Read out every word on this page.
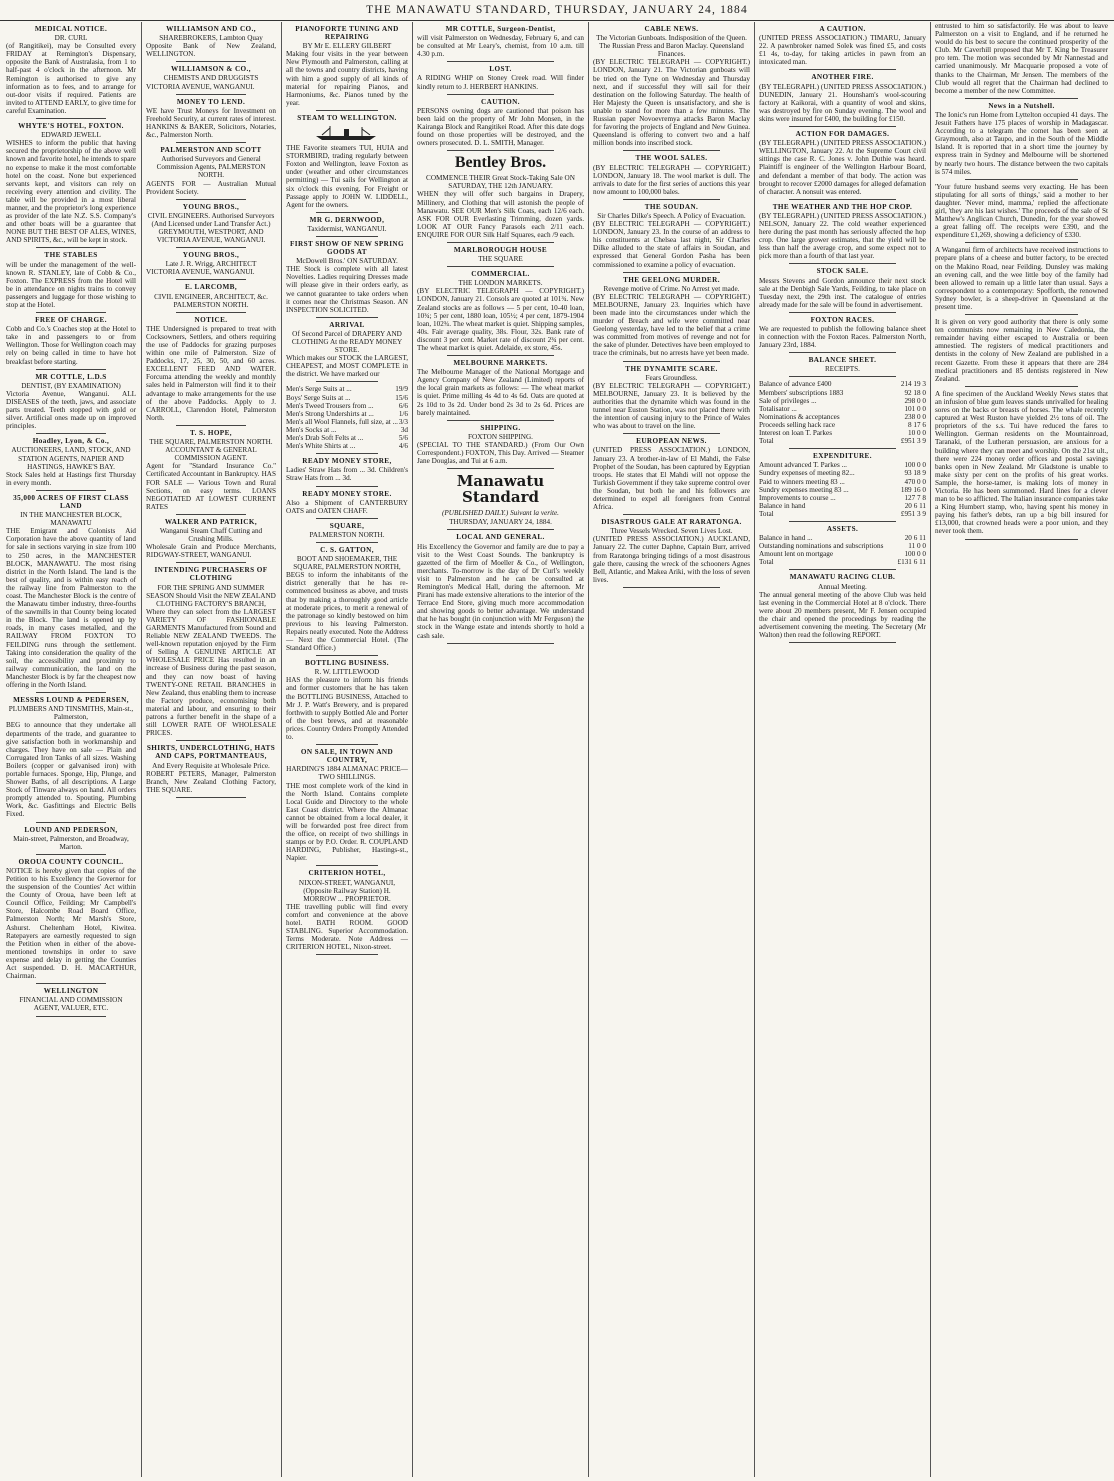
THE MANAWATU STANDARD, THURSDAY, JANUARY 24, 1884
MEDICAL NOTICE.
DR. CURL

(of Rangitikei), may be Consulted every FRIDAY at Remington's Dispensary, opposite the Bank of Australasia, from 1 to half-past 4 o'clock in the afternoon. Mr Remington is authorised to give any information as to fees, and to arrange for out-door visits if required. Patients are invited to ATTEND EARLY, to give time for careful Examination.

WHYTE'S HOTEL, FOXTON.
EDWARD JEWELL

WISHES to inform the public that having secured the proprietorship of the above well known and favorite hotel, he intends to spare no expense to make it the most comfortable hotel on the coast. None but experienced servants kept, and visitors can rely on receiving every attention and civility. The table will be provided in a most liberal manner, and the proprietor's long experience as provider of the late N.Z. S.S. Company's and other boats will be a guarantee that NONE BUT THE BEST OF ALES, WINES, AND SPIRITS, &c., will be kept in stock.

THE STABLES

will be under the management of the well-known R. STANLEY, late of Cobb & Co., Foxton. The EXPRESS from the Hotel will be in attendance on nights trains to convey passengers and luggage for those wishing to stop at the Hotel.

FREE OF CHARGE.

Cobb and Co.'s Coaches stop at the Hotel to take in and passengers to or from Wellington. Those for Wellington coach may rely on being called in time to have hot breakfast before starting.

MR COTTLE, L.D.S
DENTIST, (BY EXAMINATION)

Victoria Avenue, Wanganui. ALL DISEASES of the teeth, jaws, and associate parts treated. Teeth stopped with gold or silver. Artificial ones made up on improved principles.

Hoadley, Lyon, & Co.,
AUCTIONEERS, LAND, STOCK, AND STATION AGENTS, NAPIER AND HASTINGS, HAWKE'S BAY.

Stock Sales held at Hastings first Thursday in every month.

35,000 ACRES OF FIRST CLASS LAND
IN THE MANCHESTER BLOCK, MANAWATU

THE Emigrant and Colonists Aid Corporation have the above quantity of land for sale in sections varying in size from 100 to 250 acres, in the MANCHESTER BLOCK, MANAWATU. The most rising district in the North Island. The land is the best of quality, and is within easy reach of the railway line from Palmerston to the coast. The Manchester Block is the centre of the Manawatu timber industry, three-fourths of the sawmills in that County being located in the Block. The land is opened up by roads, in many cases metalled, and the RAILWAY FROM FOXTON TO FEILDING runs through the settlement. Taking into consideration the quality of the soil, the accessibility and proximity to railway communication, the land on the Manchester Block is by far the cheapest now offering in the North Island.

MESSRS LOUND & PEDERSEN,
PLUMBERS AND TINSMITHS, Main-st., Palmerston,

BEG to announce that they undertake all departments of the trade, and guarantee to give satisfaction both in workmanship and charges. They have on sale — Plain and Corrugated Iron Tanks of all sizes. Washing Boilers (copper or galvanised iron) with portable furnaces. Sponge, Hip, Plunge, and Shower Baths, of all descriptions. A Large Stock of Tinware always on hand. All orders promptly attended to. Spouting, Plumbing Work, &c. Gasfittings and Electric Bells Fixed.

LOUND AND PEDERSON,
Main-street, Palmerston, and Broadway, Marton.
OROUA COUNTY COUNCIL.

NOTICE is hereby given that copies of the Petition to his Excellency the Governor for the suspension of the Counties' Act within the County of Oroua, have been left at Council Office, Feilding; Mr Campbell's Store, Halcombe Road Board Office, Palmerston North; Mr Marsh's Store, Ashurst. Cheltenham Hotel, Kiwitea. Ratepayers are earnestly requested to sign the Petition when in either of the above-mentioned townships in order to save expense and delay in getting the Counties Act suspended. D. H. MACARTHUR, Chairman.

WELLINGTON
FINANCIAL AND COMMISSION AGENT, VALUER, ETC.
WILLIAMSON AND CO.,
SHAREBROKERS, Lambton Quay

Opposite Bank of New Zealand, WELLINGTON.

WILLIAMSON & CO.,
CHEMISTS AND DRUGGISTS

VICTORIA AVENUE, WANGANUI.

MONEY TO LEND.

WE have Trust Moneys for Investment on Freehold Security, at current rates of interest. HANKINS & BAKER, Solicitors, Notaries, &c., Palmerston North.

PALMERSTON AND SCOTT
Authorised Surveyors and General Commission Agents, PALMERSTON NORTH.

AGENTS FOR — Australian Mutual Provident Society.

YOUNG BROS.,
CIVIL ENGINEERS. Authorised Surveyors (And Licensed under Land Transfer Act.) GREYMOUTH, WESTPORT, AND VICTORIA AVENUE, WANGANUI.
YOUNG BROS.,
Late J. R. Wrigg, ARCHITECT

VICTORIA AVENUE, WANGANUI.

E. LARCOMB,
CIVIL ENGINEER, ARCHITECT, &c. PALMERSTON NORTH.
NOTICE.

THE Undersigned is prepared to treat with Cocksowners, Settlers, and others requiring the use of Paddocks for grazing purposes within one mile of Palmerston. Size of Paddocks, 17, 25, 30, 50, and 60 acres. EXCELLENT FEED AND WATER. Forcuma attending the weekly and monthly sales held in Palmerston will find it to their advantage to make arrangements for the use of the above Paddocks. Apply to J. CARROLL, Clarendon Hotel, Palmerston North.

T. S. HOPE,
THE SQUARE, PALMERSTON NORTH. ACCOUNTANT & GENERAL COMMISSION AGENT.

Agent for "Standard Insurance Co." Certificated Accountant in Bankruptcy. HAS FOR SALE — Various Town and Rural Sections, on easy terms. LOANS NEGOTIATED AT LOWEST CURRENT RATES

WALKER AND PATRICK,
Wanganui Steam Chaff Cutting and Crushing Mills.

Wholesale Grain and Produce Merchants, RIDGWAY-STREET, WANGANUI.

INTENDING PURCHASERS OF CLOTHING
FOR THE SPRING AND SUMMER SEASON Should Visit the NEW ZEALAND CLOTHING FACTORY'S BRANCH,

Where they can select from the LARGEST VARIETY OF FASHIONABLE GARMENTS Manufactured from Sound and Reliable NEW ZEALAND TWEEDS. The well-known reputation enjoyed by the Firm of Selling A GENUINE ARTICLE AT WHOLESALE PRICE Has resulted in an increase of Business during the past season, and they can now boast of having TWENTY-ONE RETAIL BRANCHES in New Zealand, thus enabling them to increase the Factory produce, economising both material and labour, and ensuring to their patrons a further benefit in the shape of a still LOWER RATE OF WHOLESALE PRICES.

SHIRTS, UNDERCLOTHING, HATS AND CAPS, PORTMANTEAUS,
And Every Requisite at Wholesale Price.

ROBERT PETERS, Manager, Palmerston Branch, New Zealand Clothing Factory, THE SQUARE.

PIANOFORTE TUNING AND REPAIRING
BY Mr E. ELLERY GILBERT

Making four visits in the year between New Plymouth and Palmerston, calling at all the towns and country districts, having with him a good supply of all kinds of material for repairing Pianos, and Harmoniums, &c. Pianos tuned by the year.

STEAM TO WELLINGTON.

THE Favorite steamers TUI, HUIA and STORMBIRD, trading regularly between Foxton and Wellington, leave Foxton as under (weather and other circumstances permitting) — Tui sails for Wellington at six o'clock this evening. For Freight or Passage apply to JOHN W. LIDDELL, Agent for the owners.

MR G. DERNWOOD,
Taxidermist, WANGANUI.
FIRST SHOW OF NEW SPRING GOODS AT
McDowell Bros.' ON SATURDAY.

THE Stock is complete with all latest Novelties. Ladies requiring Dresses made will please give in their orders early, as we cannot guarantee to take orders when it comes near the Christmas Season. AN INSPECTION SOLICITED.

ARRIVAL
Of Second Parcel of DRAPERY AND CLOTHING At the READY MONEY STORE.

Which makes our STOCK the LARGEST, CHEAPEST, and MOST COMPLETE in the district. We have marked our

Men's Serge Suits at ...	19/9
Boys' Serge Suits at ...	15/6
Men's Tweed Trousers from ...	6/6
Men's Strong Undershirts at ...	1/6
Men's all Wool Flannels, full size, at ... 3/3
Men's Socks at ...	3d
Men's Drab Soft Felts at ...	5/6
Men's White Shirts at ...	4/6
READY MONEY STORE,

Ladies' Straw Hats from ... 3d. Children's Straw Hats from ... 3d.

READY MONEY STORE.

Also a Shipment of CANTERBURY OATS and OATEN CHAFF.

SQUARE,
PALMERSTON NORTH.
C. S. GATTON,
BOOT AND SHOEMAKER, THE SQUARE, PALMERSTON NORTH,

BEGS to inform the inhabitants of the district generally that he has re-commenced business as above, and trusts that by making a thoroughly good article at moderate prices, to merit a renewal of the patronage so kindly bestowed on him previous to his leaving Palmerston. Repairs neatly executed. Note the Address — Next the Commercial Hotel. (The Standard Office.)

BOTTLING BUSINESS.
R. W. LITTLEWOOD

HAS the pleasure to inform his friends and former customers that he has taken the BOTTLING BUSINESS, Attached to Mr J. P. Watt's Brewery, and is prepared forthwith to supply Bottled Ale and Porter of the best brews, and at reasonable prices. Country Orders Promptly Attended to.

ON SALE, IN TOWN AND COUNTRY,
HARDING'S 1884 ALMANAC PRICE—TWO SHILLINGS.

THE most complete work of the kind in the North Island. Contains complete Local Guide and Directory to the whole East Coast district. Where the Almanac cannot be obtained from a local dealer, it will be forwarded post free direct from the office, on receipt of two shillings in stamps or by P.O. Order. R. COUPLAND HARDING, Publisher, Hastings-st., Napier.

CRITERION HOTEL,
NIXON-STREET, WANGANUI, (Opposite Railway Station) H. MORROW ... PROPRIETOR.

THE travelling public will find every comfort and convenience at the above hotel. BATH ROOM. GOOD STABLING. Superior Accommodation. Terms Moderate. Note Address — CRITERION HOTEL, Nixon-street.

MR COTTLE, Surgeon-Dentist,

will visit Palmerston on Wednesday, February 6, and can be consulted at Mr Leary's, chemist, from 10 a.m. till 4.30 p.m.

LOST.

A RIDING WHIP on Stoney Creek road. Will finder kindly return to J. HERBERT HANKINS.

CAUTION.

PERSONS owning dogs are cautioned that poison has been laid on the property of Mr John Monsen, in the Kairanga Block and Rangitikei Road. After this date dogs found on those properties will be destroyed, and the owners prosecuted. D. L. SMITH, Manager.

Bentley Bros.
COMMENCE THEIR Great Stock-Taking Sale ON SATURDAY, THE 12th JANUARY.

WHEN they will offer such bargains in Drapery, Millinery, and Clothing that will astonish the people of Manawatu. SEE OUR Men's Silk Coats, each 12/6 each. ASK FOR OUR Everlasting Trimming, dozen yards. LOOK AT OUR Fancy Parasols each 2/11 each. ENQUIRE FOR OUR Silk Half Squares, each /9 each.

MARLBOROUGH HOUSE
THE SQUARE
COMMERCIAL.
THE LONDON MARKETS.

(BY ELECTRIC TELEGRAPH — COPYRIGHT.) LONDON, January 21. Consols are quoted at 101¾. New Zealand stocks are as follows — 5 per cent, 10-40 loan, 10¾; 5 per cent, 1880 loan, 105½; 4 per cent, 1879-1904 loan, 102¾. The wheat market is quiet. Shipping samples, 40s. Fair average quality, 38s. Flour, 32s. Bank rate of discount 3 per cent. Market rate of discount 2¾ per cent. The wheat market is quiet. Adelaide, ex store, 45s.

MELBOURNE MARKETS.

The Melbourne Manager of the National Mortgage and Agency Company of New Zealand (Limited) reports of the local grain markets as follows: — The wheat market is quiet. Prime milling 4s 4d to 4s 6d. Oats are quoted at 2s 10d to 3s 2d. Under bond 2s 3d to 2s 6d. Prices are barely maintained.

SHIPPING.
FOXTON SHIPPING.

(SPECIAL TO THE STANDARD.) (From Our Own Correspondent.) FOXTON, This Day. Arrived — Steamer Jane Douglas, and Tui at 6 a.m.

Manawatu Standard
(PUBLISHED DAILY.) Suivant la verite.
THURSDAY, JANUARY 24, 1884.
LOCAL AND GENERAL.

His Excellency the Governor and family are due to pay a visit to the West Coast Sounds. The bankruptcy is gazetted of the firm of Moeller & Co., of Wellington, merchants. To-morrow is the day of Dr Curl's weekly visit to Palmerston and he can be consulted at Remington's Medical Hall, during the afternoon. Mr Pirani has made extensive alterations to the interior of the Terrace End Store, giving much more accommodation and showing goods to better advantage. We understand that he has bought (in conjunction with Mr Ferguson) the stock in the Wange estate and intends shortly to hold a cash sale.

CABLE NEWS.
The Victorian Gunboats. Indisposition of the Queen. The Russian Press and Baron Maclay. Queensland Finances.

(BY ELECTRIC TELEGRAPH — COPYRIGHT.) LONDON, January 21. The Victorian gunboats will be tried on the Tyne on Wednesday and Thursday next, and if successful they will sail for their destination on the following Saturday. The health of Her Majesty the Queen is unsatisfactory, and she is unable to stand for more than a few minutes. The Russian paper Novoevremya attacks Baron Maclay for favoring the projects of England and New Guinea. Queensland is offering to convert two and a half million bonds into inscribed stock.

THE WOOL SALES.

(BY ELECTRIC TELEGRAPH — COPYRIGHT.) LONDON, January 18. The wool market is dull. The arrivals to date for the first series of auctions this year now amount to 100,000 bales.

THE SOUDAN.
Sir Charles Dilke's Speech. A Policy of Evacuation.

(BY ELECTRIC TELEGRAPH — COPYRIGHT.) LONDON, January 23. In the course of an address to his constituents at Chelsea last night, Sir Charles Dilke alluded to the state of affairs in Soudan, and expressed that General Gordon Pasha has been commissioned to examine a policy of evacuation.

THE GEELONG MURDER.
Revenge motive of Crime. No Arrest yet made.

(BY ELECTRIC TELEGRAPH — COPYRIGHT.) MELBOURNE, January 23. Inquiries which have been made into the circumstances under which the murder of Breach and wife were committed near Geelong yesterday, have led to the belief that a crime was committed from motives of revenge and not for the sake of plunder. Detectives have been employed to trace the criminals, but no arrests have yet been made.

THE DYNAMITE SCARE.
Fears Groundless.

(BY ELECTRIC TELEGRAPH — COPYRIGHT.) MELBOURNE, January 23. It is believed by the authorities that the dynamite which was found in the tunnel near Euston Station, was not placed there with the intention of causing injury to the Prince of Wales who was about to travel on the line.

EUROPEAN NEWS.

(UNITED PRESS ASSOCIATION.) LONDON, January 23. A brother-in-law of El Mahdi, the False Prophet of the Soudan, has been captured by Egyptian troops. He states that El Mahdi will not oppose the Turkish Government if they take supreme control over the Soudan, but both he and his followers are determined to expel all foreigners from Central Africa.

DISASTROUS GALE AT RARATONGA.
Three Vessels Wrecked. Seven Lives Lost.

(UNITED PRESS ASSOCIATION.) AUCKLAND, January 22. The cutter Daphne, Captain Burr, arrived from Raratonga bringing tidings of a most disastrous gale there, causing the wreck of the schooners Agnes Bell, Atlantic, and Makea Ariki, with the loss of seven lives.

A CAUTION.

(UNITED PRESS ASSOCIATION.) TIMARU, January 22. A pawnbroker named Solek was fined £5, and costs £1 4s, to-day, for taking articles in pawn from an intoxicated man.

ANOTHER FIRE.

(BY TELEGRAPH.) (UNITED PRESS ASSOCIATION.) DUNEDIN, January 21. Hounsham's wool-scouring factory at Kaikorai, with a quantity of wool and skins, was destroyed by fire on Sunday evening. The wool and skins were insured for £400, the building for £150.

ACTION FOR DAMAGES.

(BY TELEGRAPH.) (UNITED PRESS ASSOCIATION.) WELLINGTON, January 22. At the Supreme Court civil sittings the case R. C. Jones v. John Duthie was heard. Plaintiff is engineer of the Wellington Harbour Board, and defendant a member of that body. The action was brought to recover £2000 damages for alleged defamation of character. A nonsuit was entered.

THE WEATHER AND THE HOP CROP.

(BY TELEGRAPH.) (UNITED PRESS ASSOCIATION.) NELSON, January 22. The cold weather experienced here during the past month has seriously affected the hop crop. One large grower estimates, that the yield will be less than half the average crop, and some expect not to pick more than a fourth of that last year.

STOCK SALE.

Messrs Stevens and Gordon announce their next stock sale at the Denbigh Sale Yards, Feilding, to take place on Tuesday next, the 29th inst. The catalogue of entries already made for the sale will be found in advertisement.

FOXTON RACES.

We are requested to publish the following balance sheet in connection with the Foxton Races. Palmerston North, January 23rd, 1884.

BALANCE SHEET.
RECEIPTS.
Balance of advance £400	214 19 3
Members' subscriptions 1883	92 18 0
Sale of privileges ...	298 0 0
Totalisator ...	101 0 0
Nominations & acceptances	238 0 0
Proceeds selling hack race	8 17 6
Interest on loan T. Parkes	10 0 0
Total	£951 3 9
EXPENDITURE.
Amount advanced T. Parkes ...	100 0 0
Sundry expenses of meeting 82...	93 18 9
Paid to winners meeting 83 ...	470 0 0
Sundry expenses meeting 83 ...	189 16 0
Improvements to course ...	127 7 8
Balance in hand	20 6 11
Total	£951 3 9
ASSETS.
Balance in hand ...	20 6 11
Outstanding nominations and subscriptions	11 0 0
Amount lent on mortgage	100 0 0
Total	£131 6 11
MANAWATU RACING CLUB.
Annual Meeting.

The annual general meeting of the above Club was held last evening in the Commercial Hotel at 8 o'clock. There were about 20 members present, Mr F. Jensen occupied the chair and opened the proceedings by reading the advertisement convening the meeting. The Secretary (Mr Walton) then read the following REPORT.

entrusted to him so satisfactorily. He was about to leave Palmerston on a visit to England, and if he returned he would do his best to secure the continued prosperity of the Club. Mr Caverhill proposed that Mr T. King be Treasurer pro tem. The motion was seconded by Mr Nannestad and carried unanimously. Mr Macquarie proposed a vote of thanks to the Chairman, Mr Jensen. The members of the Club would all regret that the Chairman had declined to become a member of the new Committee.

News in a Nutshell.

The Ionic's run Home from Lyttelton occupied 41 days. The Jesuit Fathers have 175 places of worship in Madagascar. According to a telegram the comet has been seen at Graymouth, also at Taupo, and in the South of the Middle Island. It is reported that in a short time the journey by express train in Sydney and Melbourne will be shortened by nearly two hours. The distance between the two capitals is 574 miles.

'Your future husband seems very exacting. He has been stipulating for all sorts of things,' said a mother to her daughter. 'Never mind, mamma,' replied the affectionate girl, 'they are his last wishes.' The proceeds of the sale of St Matthew's Anglican Church, Dunedin, for the year showed a great falling off. The receipts were £390, and the expenditure £1,269, showing a deficiency of £330.

A Wanganui firm of architects have received instructions to prepare plans of a cheese and butter factory, to be erected on the Makino Road, near Feilding. Dunsley was making an evening call, and the wee little boy of the family had been allowed to remain up a little later than usual. Says a correspondent to a contemporary: Spofforth, the renowned Sydney bowler, is a sheep-driver in Queensland at the present time.

It is given on very good authority that there is only some ten communists now remaining in New Caledonia, the remainder having either escaped to Australia or been amnestied. The registers of medical practitioners and dentists in the colony of New Zealand are published in a recent Gazette. From these it appears that there are 284 medical practitioners and 85 dentists registered in New Zealand.

A fine specimen of the Auckland Weekly News states that an infusion of blue gum leaves stands unrivalled for healing sores on the backs or breasts of horses. The whale recently captured at West Ruston have yielded 2½ tons of oil. The proprietors of the s.s. Tui have reduced the fares to Wellington. German residents on the Mountainroad, Taranaki, of the Lutheran persuasion, are anxious for a building where they can meet and worship. On the 21st ult., there were 224 money order offices and postal savings banks open in New Zealand. Mr Gladstone is unable to make sixty per cent on the profits of his great works. Sample, the horse-tamer, is making lots of money in Victoria. He has been summoned. Hard lines for a clever man to be so afflicted. The Italian insurance companies take a King Humbert stamp, who, having spent his money in paying his father's debts, ran up a big bill insured for £13,000, that crowned heads were a poor union, and they never took them.
